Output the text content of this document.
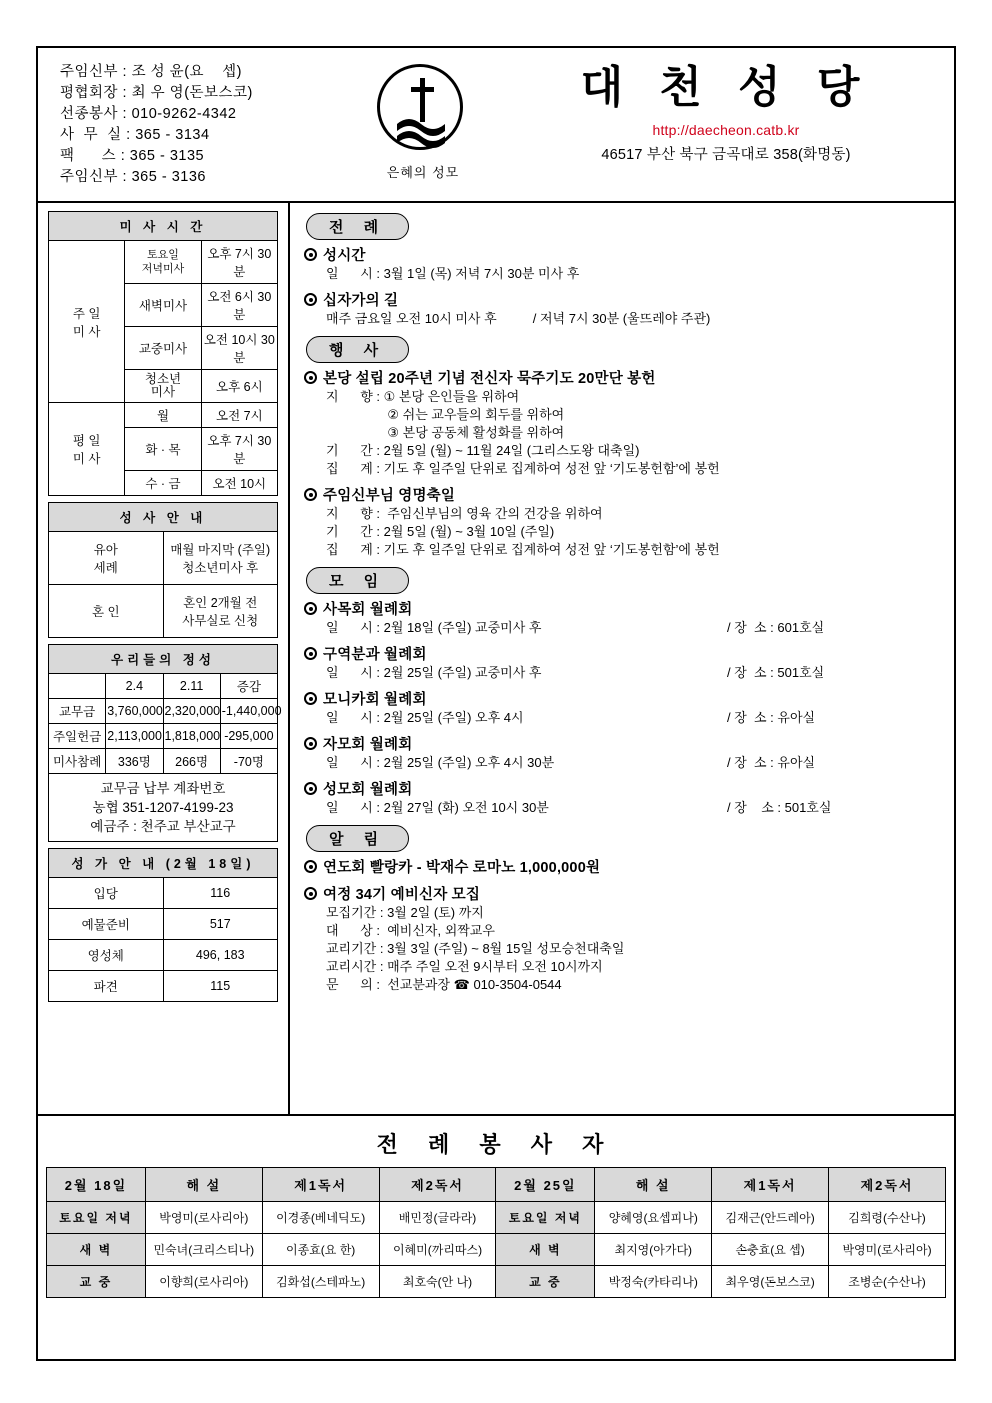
주임신부 : 조 성 윤(요    셉)
평협회장 : 최 우 영(돈보스코)
선종봉사 : 010-9262-4342
사  무  실 : 365 - 3134
팩      스 : 365 - 3135
주임신부 : 365 - 3136	은혜의 성모
대 천 성 당
http://daecheon.catb.kr
46517 부산 북구 금곡대로 358(화명동)
미 사 시 간		
주 일
미 사	토요일
저녁미사	오후 7시 30분
	새벽미사	오전 6시 30분
	교중미사	오전 10시 30분
	청소년
미사	오후 6시
평 일
미 사	월	오전 7시
	화 · 목	오후 7시 30분
	수 · 금	오전 10시
성 사 안 내	
유아
세례	매월 마지막 (주일)
청소년미사 후
혼 인	혼인 2개월 전
사무실로 신청
우리들의 정성			
	2.4	2.11	증감
교무금	3,760,000	2,320,000	-1,440,000
주일헌금	2,113,000	1,818,000	-295,000
미사참례	336명	266명	-70명
교무금 납부 계좌번호
농협 351-1207-4199-23
예금주 : 천주교 부산교구
성 가 안 내 (2월 18일)	
입당	116
예물준비	517
영성체	496, 183
파견	115
전 례
성시간
일      시 : 3월 1일 (목) 저녁 7시 30분 미사 후
십자가의 길
매주 금요일 오전 10시 미사 후          / 저녁 7시 30분 (울뜨레야 주관)
행 사
본당 설립 20주년 기념 전신자 묵주기도 20만단 봉헌
지      향 : ① 본당 은인들을 위하여
② 쉬는 교우들의 회두를 위하여
③ 본당 공동체 활성화를 위하여
기      간 : 2월 5일 (월) ~ 11월 24일 (그리스도왕 대축일)
집      계 : 기도 후 일주일 단위로 집계하여 성전 앞 ‘기도봉헌함’에 봉헌
주임신부님 영명축일
지      향 :  주임신부님의 영육 간의 건강을 위하여
기      간 : 2월 5일 (월) ~ 3월 10일 (주일)
집      계 : 기도 후 일주일 단위로 집계하여 성전 앞 ‘기도봉헌함’에 봉헌
모 임
사목회 월례회
일      시 : 2월 18일 (주일) 교중미사 후	/ 장  소 : 601호실
구역분과 월례회
일      시 : 2월 25일 (주일) 교중미사 후	/ 장  소 : 501호실
모니카회 월례회
일      시 : 2월 25일 (주일) 오후 4시	/ 장  소 : 유아실
자모회 월례회
일      시 : 2월 25일 (주일) 오후 4시 30분	/ 장  소 : 유아실
성모회 월례회
일      시 : 2월 27일 (화) 오전 10시 30분	/ 장    소 : 501호실
알 림
연도회 빨랑카 - 박재수 로마노 1,000,000원
여정 34기 예비신자 모집
모집기간 : 3월 2일 (토) 까지
대      상 :  예비신자, 외짝교우
교리기간 : 3월 3일 (주일) ~ 8월 15일 성모승천대축일
교리시간 : 매주 주일 오전 9시부터 오전 10시까지
문      의 :  선교분과장 ☎ 010-3504-0544
전 례 봉 사 자
2월 18일	해 설	제1독서	제2독서	2월 25일	해 설	제1독서	제2독서
토요일 저녁	박영미(로사리아)	이경종(베네딕도)	배민정(글라라)	토요일 저녁	양혜영(요셉피나)	김재근(안드레아)	김희령(수산나)
새 벽	민숙녀(크리스티나)	이종효(요 한)	이혜미(까리따스)	새 벽	최지영(아가다)	손충효(요 셉)	박영미(로사리아)
교 중	이향희(로사리아)	김화섭(스테파노)	최호숙(안 나)	교 중	박정숙(카타리나)	최우영(돈보스코)	조병순(수산나)
